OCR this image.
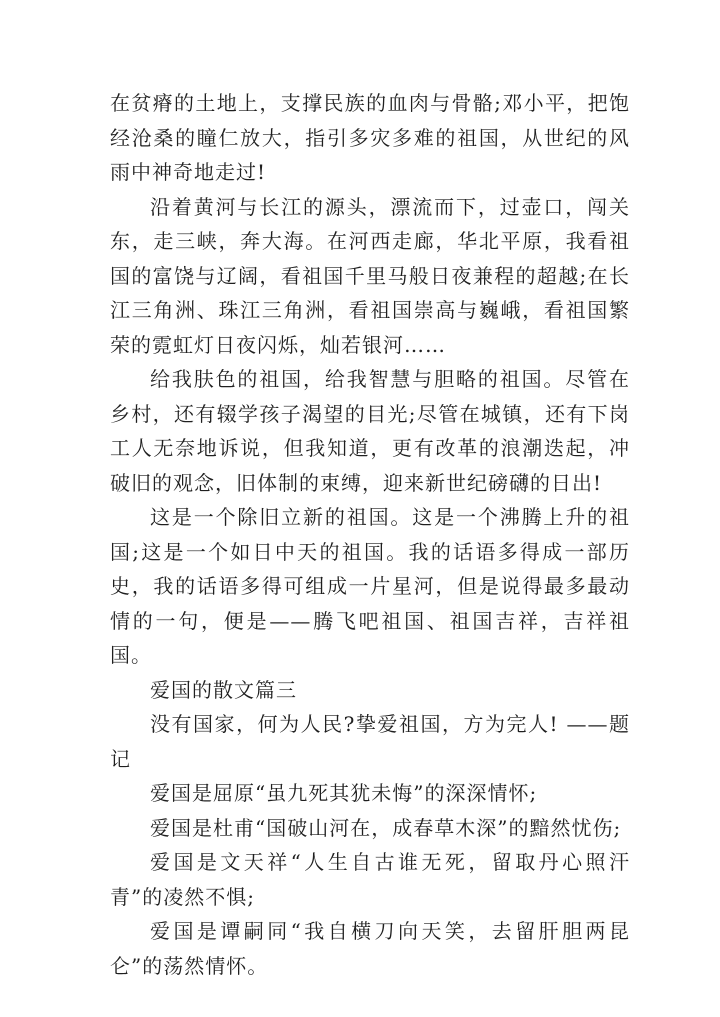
在贫瘠的土地上，支撑民族的血肉与骨骼;邓小平，把饱经沧桑的瞳仁放大，指引多灾多难的祖国，从世纪的风雨中神奇地走过!

沿着黄河与长江的源头，漂流而下，过壶口，闯关东，走三峡，奔大海。在河西走廊，华北平原，我看祖国的富饶与辽阔，看祖国千里马般日夜兼程的超越;在长江三角洲、珠江三角洲，看祖国崇高与巍峨，看祖国繁荣的霓虹灯日夜闪烁，灿若银河……

给我肤色的祖国，给我智慧与胆略的祖国。尽管在乡村，还有辍学孩子渴望的目光;尽管在城镇，还有下岗工人无奈地诉说，但我知道，更有改革的浪潮迭起，冲破旧的观念，旧体制的束缚，迎来新世纪磅礴的日出!

这是一个除旧立新的祖国。这是一个沸腾上升的祖国;这是一个如日中天的祖国。我的话语多得成一部历史，我的话语多得可组成一片星河，但是说得最多最动情的一句，便是——腾飞吧祖国、祖国吉祥，吉祥祖国。

爱国的散文篇三

没有国家，何为人民?挚爱祖国，方为完人! ——题记

爱国是屈原“虽九死其犹未悔”的深深情怀;

爱国是杜甫“国破山河在，成春草木深”的黯然忧伤;

爱国是文天祥“人生自古谁无死，留取丹心照汗青”的凌然不惧;

爱国是谭嗣同“我自横刀向天笑，去留肝胆两昆仑”的荡然情怀。
